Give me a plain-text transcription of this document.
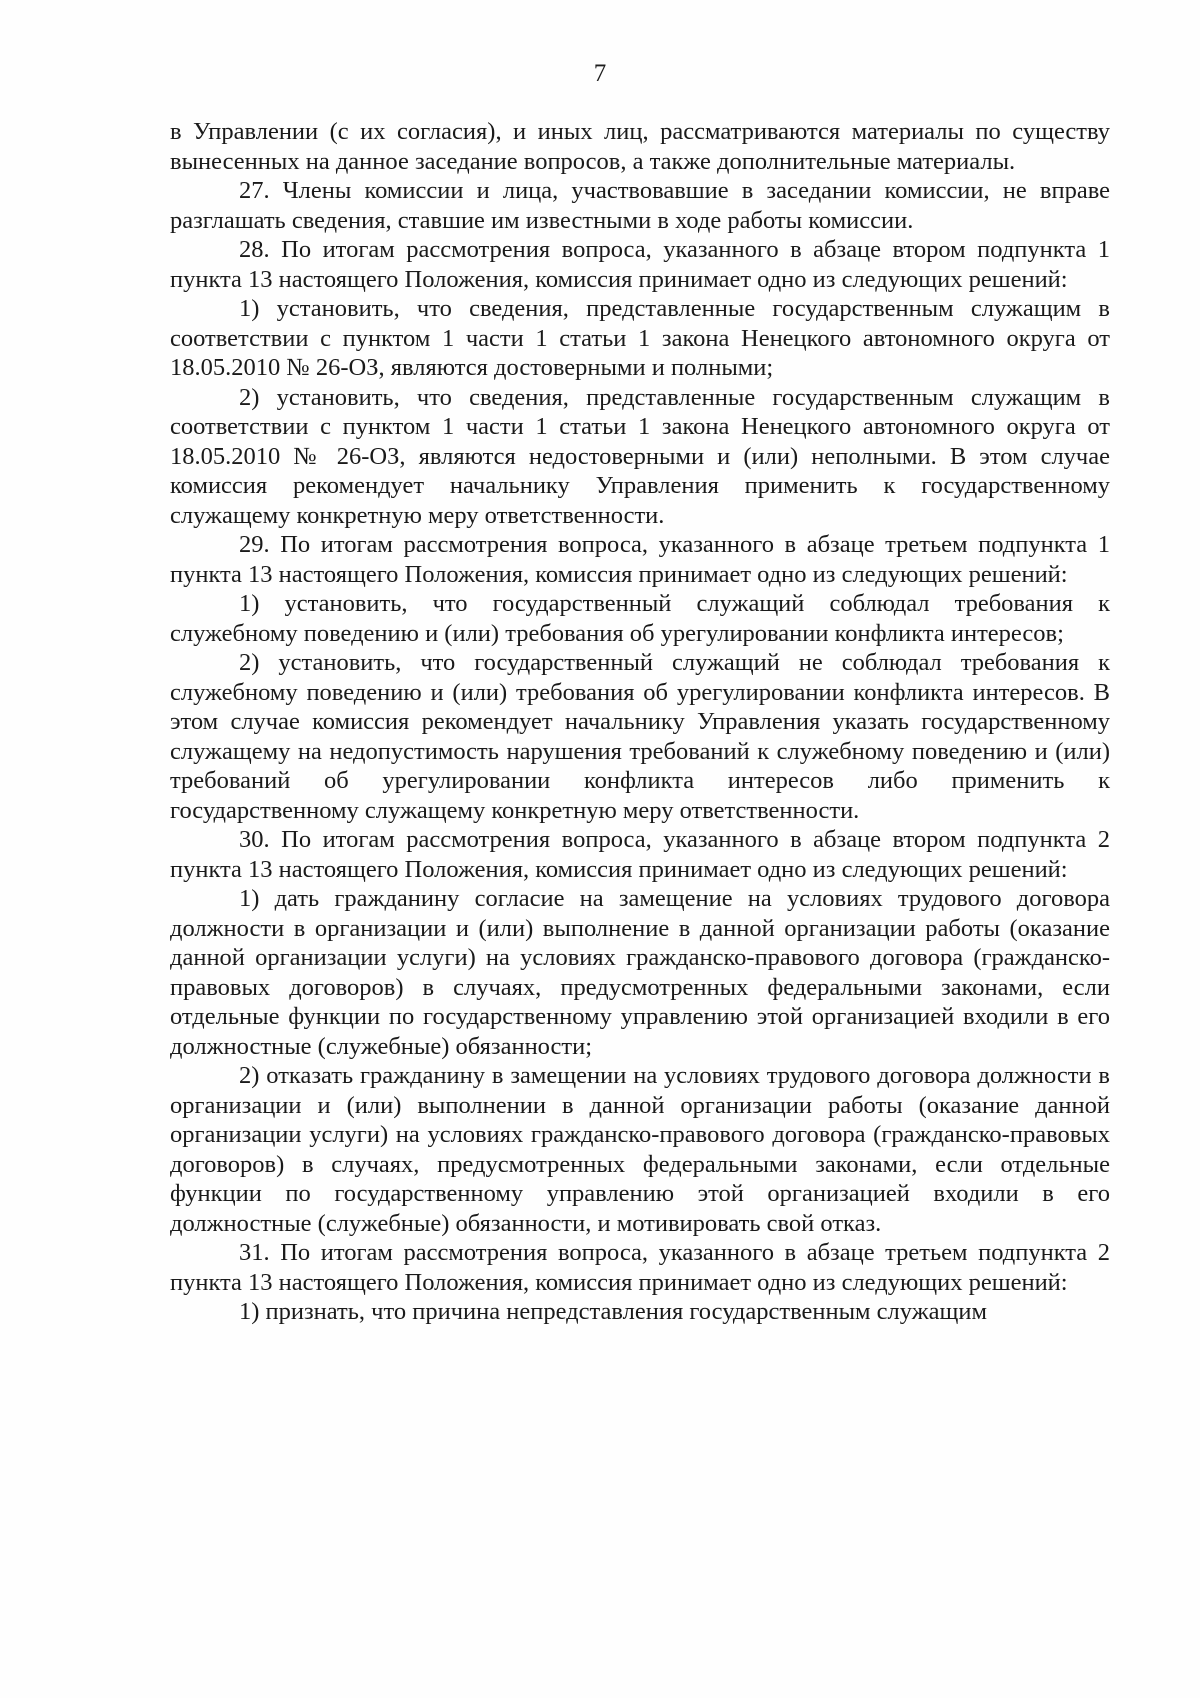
7

в Управлении (с их согласия), и иных лиц, рассматриваются материалы по существу вынесенных на данное заседание вопросов, а также дополнительные материалы.

27. Члены комиссии и лица, участвовавшие в заседании комиссии, не вправе разглашать сведения, ставшие им известными в ходе работы комиссии.

28. По итогам рассмотрения вопроса, указанного в абзаце втором подпункта 1 пункта 13 настоящего Положения, комиссия принимает одно из следующих решений:

1) установить, что сведения, представленные государственным служащим в соответствии с пунктом 1 части 1 статьи 1 закона Ненецкого автономного округа от 18.05.2010 № 26-ОЗ, являются достоверными и полными;

2) установить, что сведения, представленные государственным служащим в соответствии с пунктом 1 части 1 статьи 1 закона Ненецкого автономного округа от 18.05.2010 № 26-ОЗ, являются недостоверными и (или) неполными. В этом случае комиссия рекомендует начальнику Управления применить к государственному служащему конкретную меру ответственности.

29. По итогам рассмотрения вопроса, указанного в абзаце третьем подпункта 1 пункта 13 настоящего Положения, комиссия принимает одно из следующих решений:

1) установить, что государственный служащий соблюдал требования к служебному поведению и (или) требования об урегулировании конфликта интересов;

2) установить, что государственный служащий не соблюдал требования к служебному поведению и (или) требования об урегулировании конфликта интересов. В этом случае комиссия рекомендует начальнику Управления указать государственному служащему на недопустимость нарушения требований к служебному поведению и (или) требований об урегулировании конфликта интересов либо применить к государственному служащему конкретную меру ответственности.

30. По итогам рассмотрения вопроса, указанного в абзаце втором подпункта 2 пункта 13 настоящего Положения, комиссия принимает одно из следующих решений:

1) дать гражданину согласие на замещение на условиях трудового договора должности в организации и (или) выполнение в данной организации работы (оказание данной организации услуги) на условиях гражданско-правового договора (гражданско-правовых договоров) в случаях, предусмотренных федеральными законами, если отдельные функции по государственному управлению этой организацией входили в его должностные (служебные) обязанности;

2) отказать гражданину в замещении на условиях трудового договора должности в организации и (или) выполнении в данной организации работы (оказание данной организации услуги) на условиях гражданско-правового договора (гражданско-правовых договоров) в случаях, предусмотренных федеральными законами, если отдельные функции по государственному управлению этой организацией входили в его должностные (служебные) обязанности, и мотивировать свой отказ.

31. По итогам рассмотрения вопроса, указанного в абзаце третьем подпункта 2 пункта 13 настоящего Положения, комиссия принимает одно из следующих решений:

1) признать, что причина непредставления государственным служащим
